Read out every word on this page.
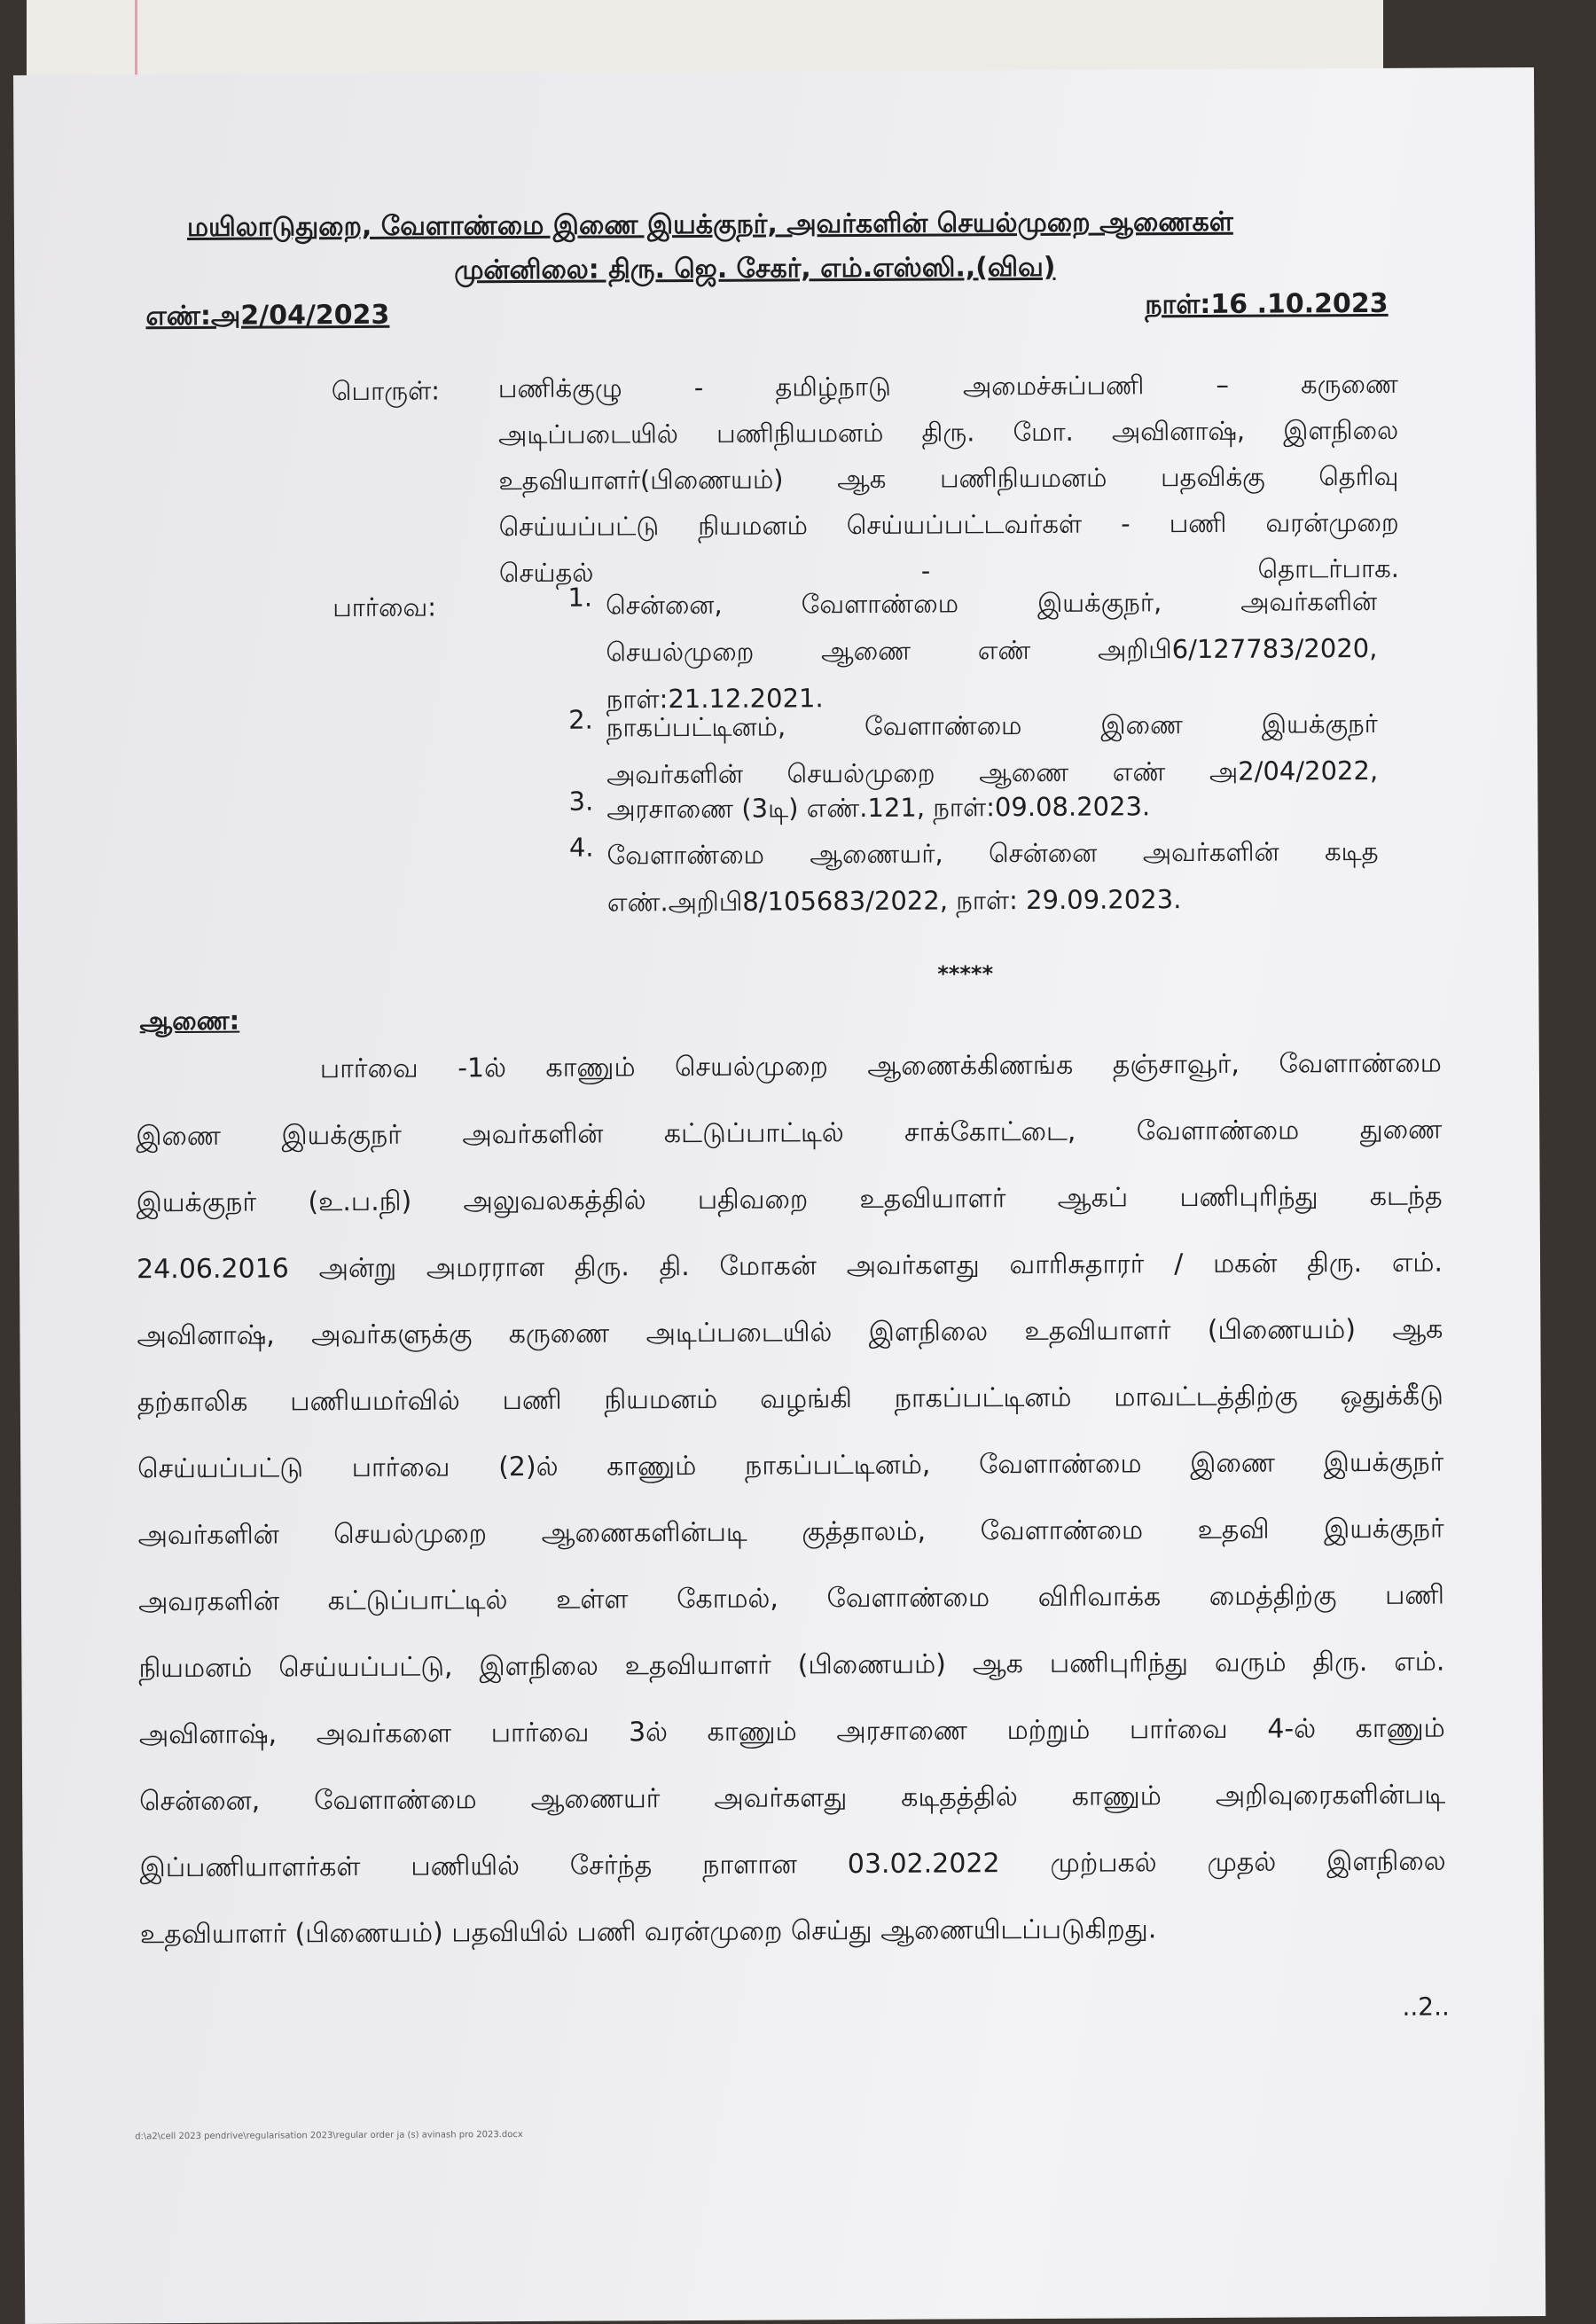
மயிலாடுதுறை, வேளாண்மை இணை இயக்குநர், அவர்களின் செயல்முறை ஆணைகள்
முன்னிலை: திரு. ஜெ. சேகர், எம்.எஸ்ஸி.,(விவ)
எண்:அ2/04/2023	நாள்:16 .10.2023
பொருள்: பணிக்குழு - தமிழ்நாடு அமைச்சுப்பணி – கருணை
அடிப்படையில் பணிநியமனம் திரு. மோ. அவினாஷ், இளநிலை
உதவியாளர்(பிணையம்) ஆக பணிநியமனம் பதவிக்கு தெரிவு
செய்யப்பட்டு நியமனம் செய்யப்பட்டவர்கள் - பணி வரன்முறை
செய்தல் - தொடர்பாக.
பார்வை:	1. சென்னை, வேளாண்மை இயக்குநர், அவர்களின்
செயல்முறை ஆணை எண் அறிபி6/127783/2020,
நாள்:21.12.2021.
2. நாகப்பட்டினம், வேளாண்மை இணை இயக்குநர்
அவர்களின் செயல்முறை ஆணை எண் அ2/04/2022,
3. அரசாணை (3டி) எண்.121, நாள்:09.08.2023.
4. வேளாண்மை ஆணையர், சென்னை அவர்களின் கடித
எண்.அறிபி8/105683/2022, நாள்: 29.09.2023.
*****
ஆணை:
பார்வை -1ல் காணும் செயல்முறை ஆணைக்கிணங்க தஞ்சாவூர், வேளாண்மை
இணை இயக்குநர் அவர்களின் கட்டுப்பாட்டில் சாக்கோட்டை, வேளாண்மை துணை
இயக்குநர் (உ.ப.நி) அலுவலகத்தில் பதிவறை உதவியாளர் ஆகப் பணிபுரிந்து கடந்த
24.06.2016 அன்று அமரரான திரு. தி. மோகன் அவர்களது வாரிசுதாரர் / மகன் திரு. எம்.
அவினாஷ், அவர்களுக்கு கருணை அடிப்படையில் இளநிலை உதவியாளர் (பிணையம்) ஆக
தற்காலிக பணியமர்வில் பணி நியமனம் வழங்கி நாகப்பட்டினம் மாவட்டத்திற்கு ஒதுக்கீடு
செய்யப்பட்டு பார்வை (2)ல் காணும் நாகப்பட்டினம், வேளாண்மை இணை இயக்குநர்
அவர்களின் செயல்முறை ஆணைகளின்படி குத்தாலம், வேளாண்மை உதவி இயக்குநர்
அவரகளின் கட்டுப்பாட்டில் உள்ள கோமல், வேளாண்மை விரிவாக்க மைத்திற்கு பணி
நியமனம் செய்யப்பட்டு, இளநிலை உதவியாளர் (பிணையம்) ஆக பணிபுரிந்து வரும் திரு. எம்.
அவினாஷ், அவர்களை பார்வை 3ல் காணும் அரசாணை மற்றும் பார்வை 4-ல் காணும்
சென்னை, வேளாண்மை ஆணையர் அவர்களது கடிதத்தில் காணும் அறிவுரைகளின்படி
இப்பணியாளர்கள் பணியில் சேர்ந்த நாளான 03.02.2022 முற்பகல் முதல் இளநிலை
உதவியாளர் (பிணையம்) பதவியில் பணி வரன்முறை செய்து ஆணையிடப்படுகிறது.
..2..
d:\a2\cell 2023 pendrive\regularisation 2023\regular order ja (s) avinash pro 2023.docx
